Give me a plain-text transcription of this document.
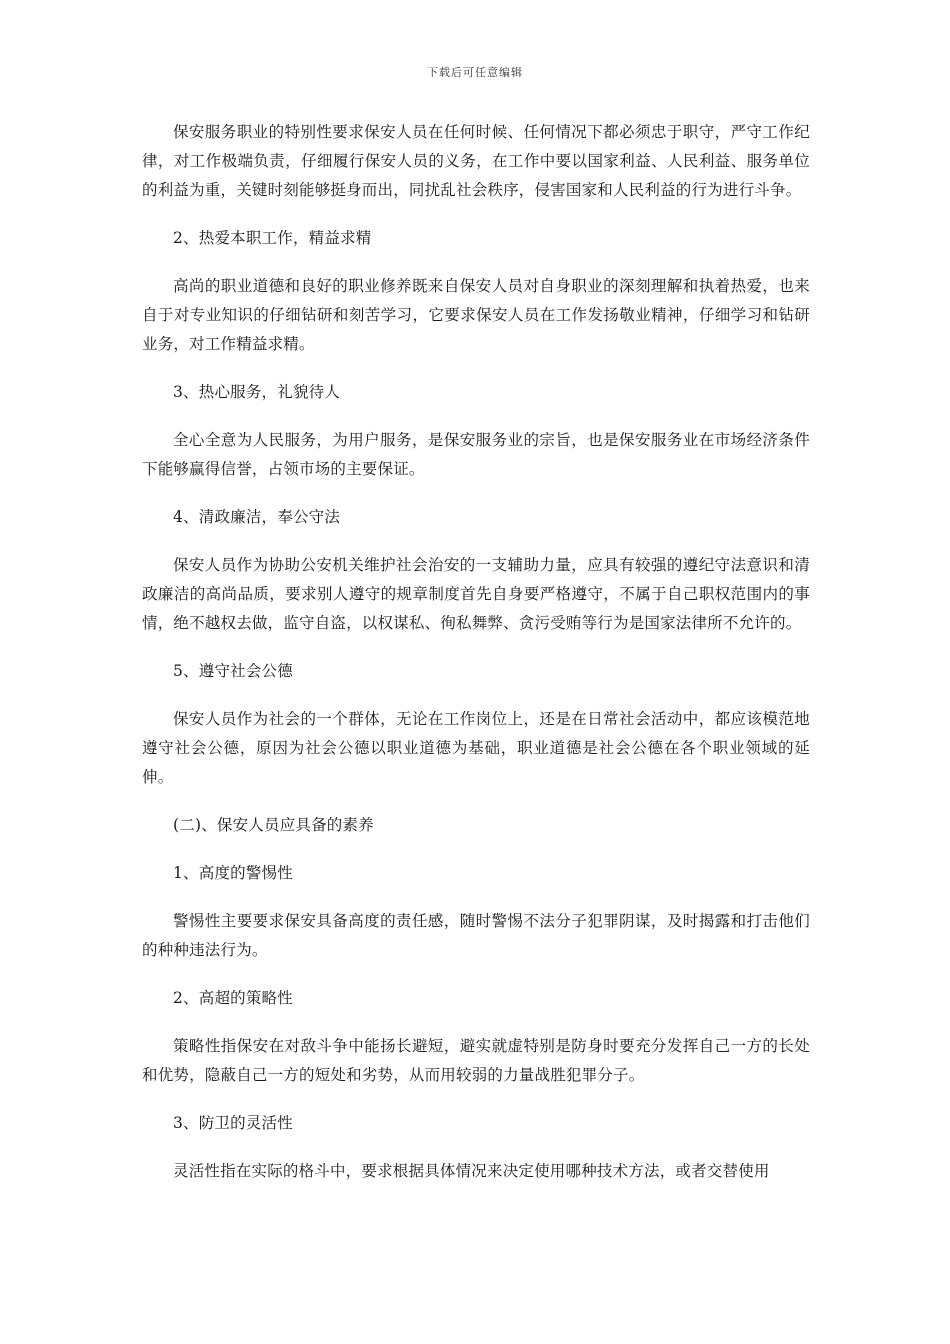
下载后可任意编辑

保安服务职业的特别性要求保安人员在任何时候、任何情况下都必须忠于职守，严守工作纪律，对工作极端负责，仔细履行保安人员的义务，在工作中要以国家利益、人民利益、服务单位的利益为重，关键时刻能够挺身而出，同扰乱社会秩序，侵害国家和人民利益的行为进行斗争。

2、热爱本职工作，精益求精

高尚的职业道德和良好的职业修养既来自保安人员对自身职业的深刻理解和执着热爱，也来自于对专业知识的仔细钻研和刻苦学习，它要求保安人员在工作发扬敬业精神，仔细学习和钻研业务，对工作精益求精。

3、热心服务，礼貌待人

全心全意为人民服务，为用户服务，是保安服务业的宗旨，也是保安服务业在市场经济条件下能够赢得信誉，占领市场的主要保证。

4、清政廉洁，奉公守法

保安人员作为协助公安机关维护社会治安的一支辅助力量，应具有较强的遵纪守法意识和清政廉洁的高尚品质，要求别人遵守的规章制度首先自身要严格遵守，不属于自己职权范围内的事情，绝不越权去做，监守自盗，以权谋私、徇私舞弊、贪污受贿等行为是国家法律所不允许的。

5、遵守社会公德

保安人员作为社会的一个群体，无论在工作岗位上，还是在日常社会活动中，都应该模范地遵守社会公德，原因为社会公德以职业道德为基础，职业道德是社会公德在各个职业领域的延伸。

(二)、保安人员应具备的素养

1、高度的警惕性

警惕性主要要求保安具备高度的责任感，随时警惕不法分子犯罪阴谋，及时揭露和打击他们的种种违法行为。

2、高超的策略性

策略性指保安在对敌斗争中能扬长避短，避实就虚特别是防身时要充分发挥自己一方的长处和优势，隐蔽自己一方的短处和劣势，从而用较弱的力量战胜犯罪分子。

3、防卫的灵活性

灵活性指在实际的格斗中，要求根据具体情况来决定使用哪种技术方法，或者交替使用
